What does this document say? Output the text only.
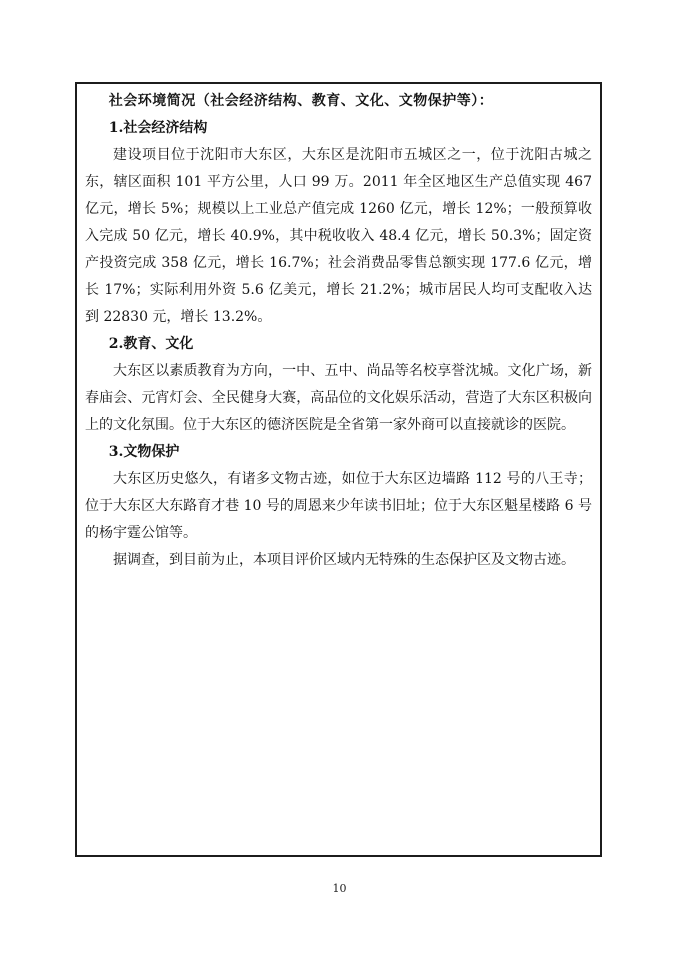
社会环境简况（社会经济结构、教育、文化、文物保护等）：

1.社会经济结构

建设项目位于沈阳市大东区，大东区是沈阳市五城区之一，位于沈阳古城之东，辖区面积 101 平方公里，人口 99 万。2011 年全区地区生产总值实现 467 亿元，增长 5%；规模以上工业总产值完成 1260 亿元，增长 12%；一般预算收入完成 50 亿元，增长 40.9%，其中税收收入 48.4 亿元，增长 50.3%；固定资产投资完成 358 亿元，增长 16.7%；社会消费品零售总额实现 177.6 亿元，增长 17%；实际利用外资 5.6 亿美元，增长 21.2%；城市居民人均可支配收入达到 22830 元，增长 13.2%。

2.教育、文化

大东区以素质教育为方向，一中、五中、尚品等名校享誉沈城。文化广场，新春庙会、元宵灯会、全民健身大赛，高品位的文化娱乐活动，营造了大东区积极向上的文化氛围。位于大东区的德济医院是全省第一家外商可以直接就诊的医院。

3.文物保护

大东区历史悠久，有诸多文物古迹，如位于大东区边墙路 112 号的八王寺；位于大东区大东路育才巷 10 号的周恩来少年读书旧址；位于大东区魁星楼路 6 号的杨宇霆公馆等。

据调查，到目前为止，本项目评价区域内无特殊的生态保护区及文物古迹。

10
